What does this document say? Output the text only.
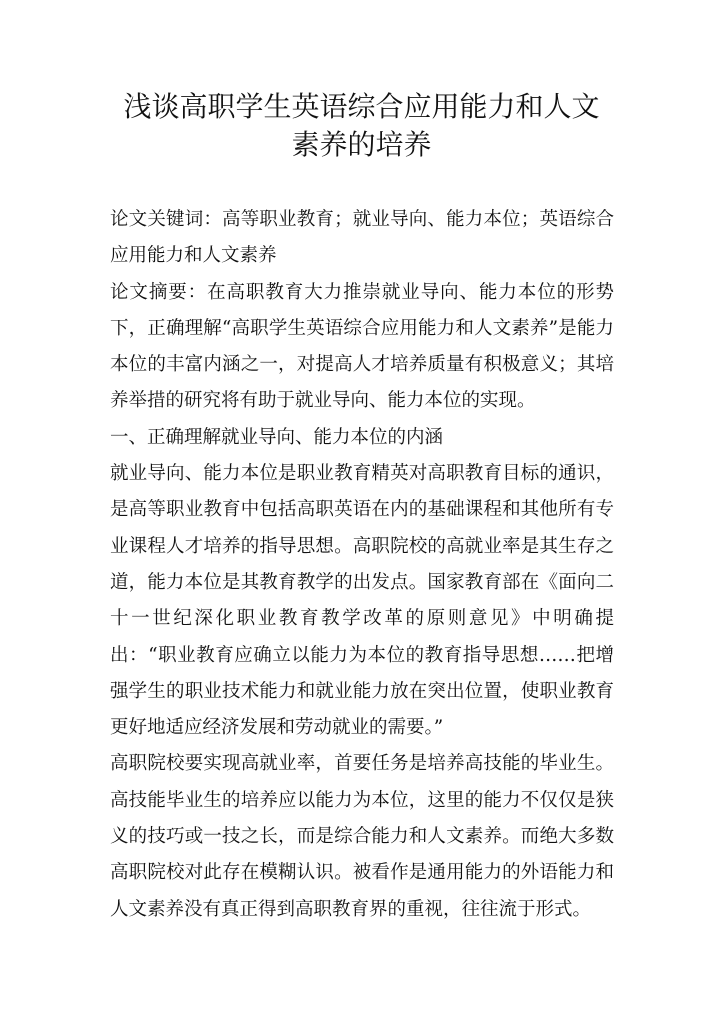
浅谈高职学生英语综合应用能力和人文素养的培养

论文关键词：高等职业教育；就业导向、能力本位；英语综合应用能力和人文素养

论文摘要：在高职教育大力推崇就业导向、能力本位的形势下，正确理解“高职学生英语综合应用能力和人文素养”是能力本位的丰富内涵之一，对提高人才培养质量有积极意义；其培养举措的研究将有助于就业导向、能力本位的实现。

一、正确理解就业导向、能力本位的内涵

就业导向、能力本位是职业教育精英对高职教育目标的通识，是高等职业教育中包括高职英语在内的基础课程和其他所有专业课程人才培养的指导思想。高职院校的高就业率是其生存之道，能力本位是其教育教学的出发点。国家教育部在《面向二十一世纪深化职业教育教学改革的原则意见》中明确提出：“职业教育应确立以能力为本位的教育指导思想……把增强学生的职业技术能力和就业能力放在突出位置，使职业教育更好地适应经济发展和劳动就业的需要。”

高职院校要实现高就业率，首要任务是培养高技能的毕业生。高技能毕业生的培养应以能力为本位，这里的能力不仅仅是狭义的技巧或一技之长，而是综合能力和人文素养。而绝大多数高职院校对此存在模糊认识。被看作是通用能力的外语能力和人文素养没有真正得到高职教育界的重视，往往流于形式。
